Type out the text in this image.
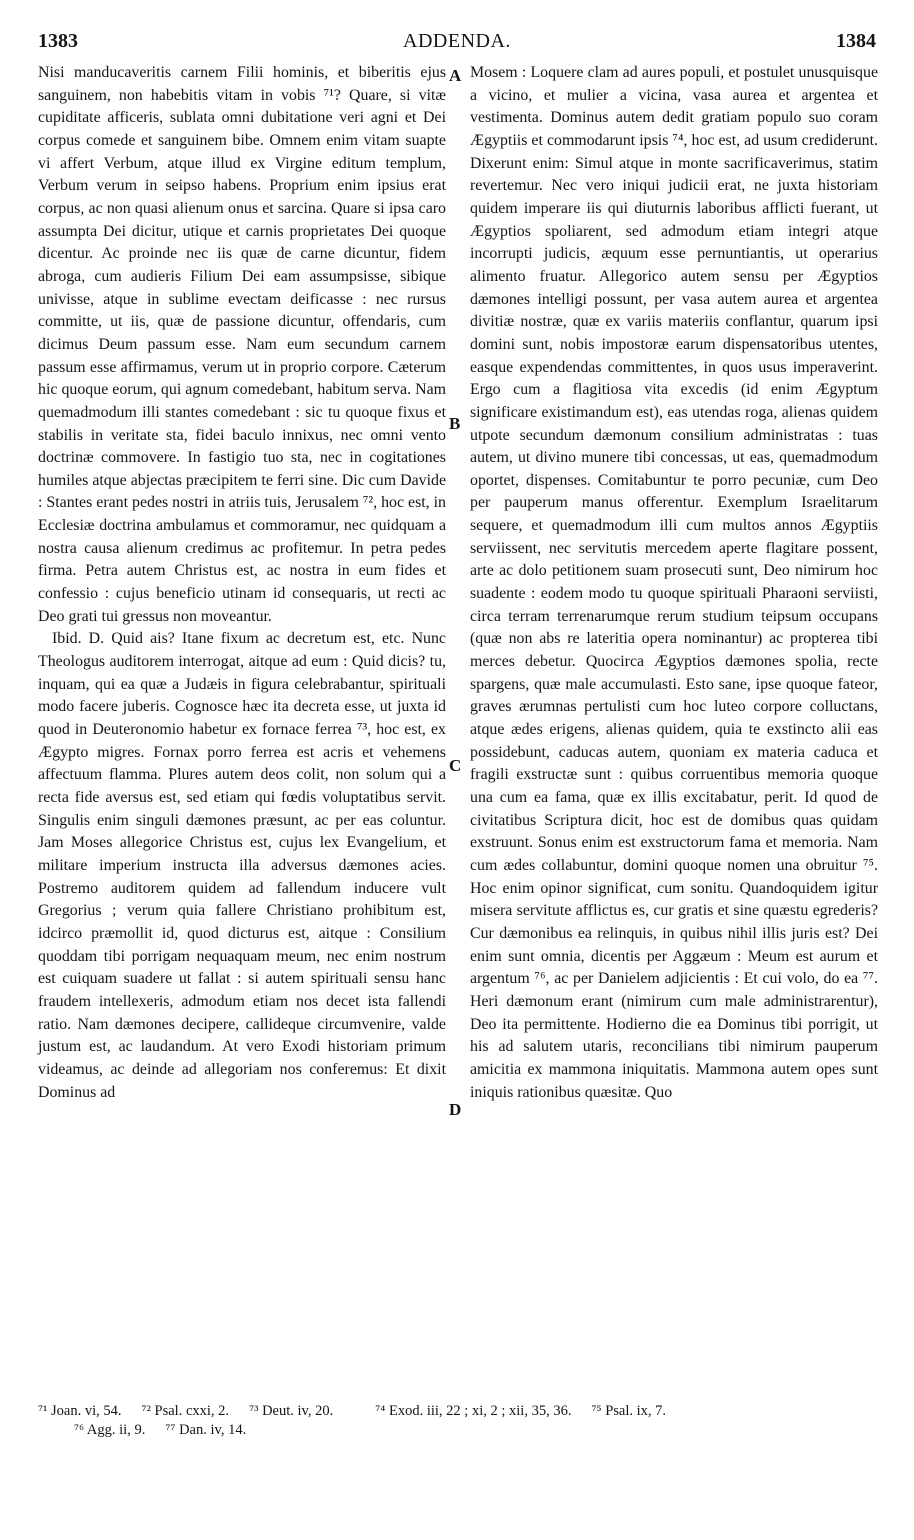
1383	ADDENDA.	1384

Nisi manducaveritis carnem Filii hominis, et biberitis ejus sanguinem, non habebitis vitam in vobis ⁷¹? Quare, si vitæ cupiditate afficeris, sublata omni dubitatione veri agni et Dei corpus comede et sanguinem bibe. Omnem enim vitam suapte vi affert Verbum, atque illud ex Virgine editum templum, Verbum verum in seipso habens. Proprium enim ipsius erat corpus, ac non quasi alienum onus et sarcina. Quare si ipsa caro assumpta Dei dicitur, utique et carnis proprietates Dei quoque dicentur. Ac proinde nec iis quæ de carne dicuntur, fidem abroga, cum audieris Filium Dei eam assumpsisse, sibique univisse, atque in sublime evectam deificasse : nec rursus committe, ut iis, quæ de passione dicuntur, offendaris, cum dicimus Deum passum esse. Nam eum secundum carnem passum esse affirmamus, verum ut in proprio corpore. Cæterum hic quoque eorum, qui agnum comedebant, habitum serva. Nam quemadmodum illi stantes comedebant : sic tu quoque fixus et stabilis in veritate sta, fidei baculo innixus, nec omni vento doctrinæ commovere. In fastigio tuo sta, nec in cogitationes humiles atque abjectas præcipitem te ferri sine. Dic cum Davide : Stantes erant pedes nostri in atriis tuis, Jerusalem ⁷², hoc est, in Ecclesiæ doctrina ambulamus et commoramur, nec quidquam a nostra causa alienum credimus ac profitemur. In petra pedes firma. Petra autem Christus est, ac nostra in eum fides et confessio : cujus beneficio utinam id consequaris, ut recti ac Deo grati tui gressus non moveantur.

Ibid. D. Quid ais? Itane fixum ac decretum est, etc. Nunc Theologus auditorem interrogat, aitque ad eum : Quid dicis? tu, inquam, qui ea quæ a Judæis in figura celebrabantur, spirituali modo facere juberis. Cognosce hæc ita decreta esse, ut juxta id quod in Deuteronomio habetur ex fornace ferrea ⁷³, hoc est, ex Ægypto migres. Fornax porro ferrea est acris et vehemens affectuum flamma. Plures autem deos colit, non solum qui a recta fide aversus est, sed etiam qui fœdis voluptatibus servit. Singulis enim singuli dæmones præsunt, ac per eas coluntur. Jam Moses allegorice Christus est, cujus lex Evangelium, et militare imperium instructa illa adversus dæmones acies. Postremo auditorem quidem ad fallendum inducere vult Gregorius ; verum quia fallere Christiano prohibitum est, idcirco præmollit id, quod dicturus est, aitque : Consilium quoddam tibi porrigam nequaquam meum, nec enim nostrum est cuiquam suadere ut fallat : si autem spirituali sensu hanc fraudem intellexeris, admodum etiam nos decet ista fallendi ratio. Nam dæmones decipere, callideque circumvenire, valde justum est, ac laudandum. At vero Exodi historiam primum videamus, ac deinde ad allegoriam nos conferemus: Et dixit Dominus ad

Mosem : Loquere clam ad aures populi, et postulet unusquisque a vicino, et mulier a vicina, vasa aurea et argentea et vestimenta. Dominus autem dedit gratiam populo suo coram Ægyptiis et commodarunt ipsis ⁷⁴, hoc est, ad usum crediderunt. Dixerunt enim: Simul atque in monte sacrificaverimus, statim revertemur. Nec vero iniqui judicii erat, ne juxta historiam quidem imperare iis qui diuturnis laboribus afflicti fuerant, ut Ægyptios spoliarent, sed admodum etiam integri atque incorrupti judicis, æquum esse pernuntiantis, ut operarius alimento fruatur. Allegorico autem sensu per Ægyptios dæmones intelligi possunt, per vasa autem aurea et argentea divitiæ nostræ, quæ ex variis materiis conflantur, quarum ipsi domini sunt, nobis impostoræ earum dispensatoribus utentes, easque expendendas committentes, in quos usus imperaverint. Ergo cum a flagitiosa vita excedis (id enim Ægyptum significare existimandum est), eas utendas roga, alienas quidem utpote secundum dæmonum consilium administratas : tuas autem, ut divino munere tibi concessas, ut eas, quemadmodum oportet, dispenses. Comitabuntur te porro pecuniæ, cum Deo per pauperum manus offerentur. Exemplum Israelitarum sequere, et quemadmodum illi cum multos annos Ægyptiis serviissent, nec servitutis mercedem aperte flagitare possent, arte ac dolo petitionem suam prosecuti sunt, Deo nimirum hoc suadente : eodem modo tu quoque spirituali Pharaoni serviisti, circa terram terrenarumque rerum studium teipsum occupans (quæ non abs re lateritia opera nominantur) ac propterea tibi merces debetur. Quocirca Ægyptios dæmones spolia, recte spargens, quæ male accumulasti. Esto sane, ipse quoque fateor, graves ærumnas pertulisti cum hoc luteo corpore colluctans, atque ædes erigens, alienas quidem, quia te exstincto alii eas possidebunt, caducas autem, quoniam ex materia caduca et fragili exstructæ sunt : quibus corruentibus memoria quoque una cum ea fama, quæ ex illis excitabatur, perit. Id quod de civitatibus Scriptura dicit, hoc est de domibus quas quidam exstruunt. Sonus enim est exstructorum fama et memoria. Nam cum ædes collabuntur, domini quoque nomen una obruitur ⁷⁵. Hoc enim opinor significat, cum sonitu. Quandoquidem igitur misera servitute afflictus es, cur gratis et sine quæstu egrederis? Cur dæmonibus ea relinquis, in quibus nihil illis juris est? Dei enim sunt omnia, dicentis per Aggæum : Meum est aurum et argentum ⁷⁶, ac per Danielem adjicientis : Et cui volo, do ea ⁷⁷. Heri dæmonum erant (nimirum cum male administrarentur), Deo ita permittente. Hodierno die ea Dominus tibi porrigit, ut his ad salutem utaris, reconcilians tibi nimirum pauperum amicitia ex mammona iniquitatis. Mammona autem opes sunt iniquis rationibus quæsitæ. Quo

A
B
C
D
⁷¹ Joan. vi, 54. ⁷² Psal. cxxi, 2. ⁷³ Deut. iv, 20.	⁷⁴ Exod. iii, 22 ; xi, 2 ; xii, 35, 36. ⁷⁵ Psal. ix, 7.
⁷⁶ Agg. ii, 9. ⁷⁷ Dan. iv, 14.
